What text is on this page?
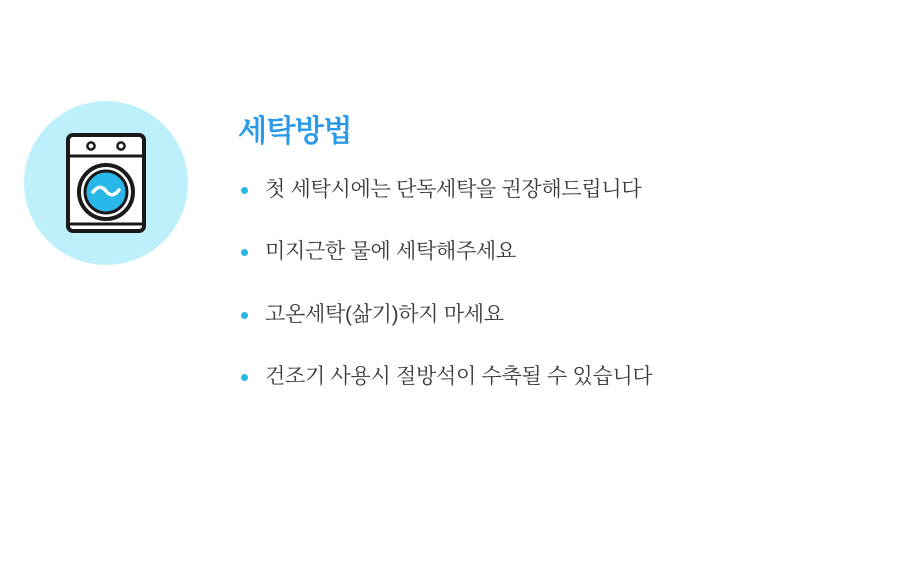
세탁방법
첫 세탁시에는 단독세탁을 권장해드립니다
미지근한 물에 세탁해주세요
고온세탁(삶기)하지 마세요
건조기 사용시 절방석이 수축될 수 있습니다
